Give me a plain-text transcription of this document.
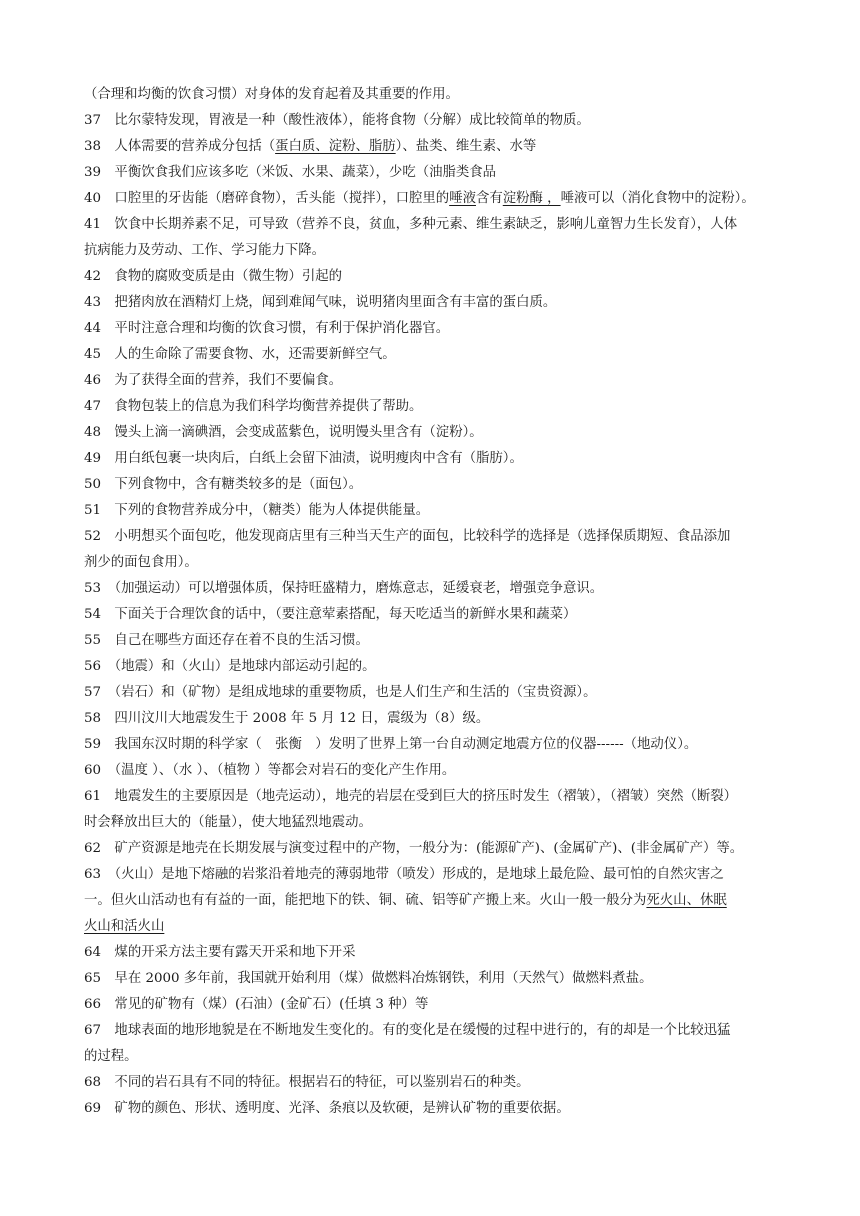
（合理和均衡的饮食习惯）对身体的发育起着及其重要的作用。
37　比尔蒙特发现，胃液是一种（酸性液体），能将食物（分解）成比较简单的物质。
38　人体需要的营养成分包括（蛋白质、淀粉、脂肪）、盐类、维生素、水等
39　平衡饮食我们应该多吃（米饭、水果、蔬菜），少吃（油脂类食品
40　口腔里的牙齿能（磨碎食物），舌头能（搅拌），口腔里的唾液含有淀粉酶 ，唾液可以（消化食物中的淀粉）。
41　饮食中长期养素不足，可导致（营养不良，贫血，多种元素、维生素缺乏，影响儿童智力生长发育），人体
抗病能力及劳动、工作、学习能力下降。
42　食物的腐败变质是由（微生物）引起的
43　把猪肉放在酒精灯上烧，闻到难闻气味，说明猪肉里面含有丰富的蛋白质。
44　平时注意合理和均衡的饮食习惯，有利于保护消化器官。
45　人的生命除了需要食物、水，还需要新鲜空气。
46　为了获得全面的营养，我们不要偏食。
47　食物包装上的信息为我们科学均衡营养提供了帮助。
48　馒头上滴一滴碘酒，会变成蓝紫色，说明馒头里含有（淀粉）。
49　用白纸包裹一块肉后，白纸上会留下油渍，说明瘦肉中含有（脂肪）。
50　下列食物中，含有糖类较多的是（面包）。
51　下列的食物营养成分中，（糖类）能为人体提供能量。
52　小明想买个面包吃，他发现商店里有三种当天生产的面包，比较科学的选择是（选择保质期短、食品添加
剂少的面包食用）。
53　（加强运动）可以增强体质，保持旺盛精力，磨炼意志，延缓衰老，增强竞争意识。
54　下面关于合理饮食的话中，（要注意荤素搭配，每天吃适当的新鲜水果和蔬菜）
55　自己在哪些方面还存在着不良的生活习惯。
56　（地震）和（火山）是地球内部运动引起的。
57　（岩石）和（矿物）是组成地球的重要物质，也是人们生产和生活的（宝贵资源）。
58　四川汶川大地震发生于 2008 年 5 月 12 日，震级为（8）级。
59　我国东汉时期的科学家（　张衡　）发明了世界上第一台自动测定地震方位的仪器------（地动仪）。
60　（温度 ）、（水 ）、（植物 ）等都会对岩石的变化产生作用。
61　地震发生的主要原因是（地壳运动），地壳的岩层在受到巨大的挤压时发生（褶皱），（褶皱）突然（断裂）
时会释放出巨大的（能量），使大地猛烈地震动。
62　矿产资源是地壳在长期发展与演变过程中的产物，一般分为：(能源矿产)、(金属矿产)、(非金属矿产）等。
63　（火山）是地下熔融的岩浆沿着地壳的薄弱地带（喷发）形成的，是地球上最危险、最可怕的自然灾害之
一。但火山活动也有有益的一面，能把地下的铁、铜、硫、铝等矿产搬上来。火山一般一般分为死火山、休眠
火山和活火山
64　煤的开采方法主要有露天开采和地下开采
65　早在 2000 多年前，我国就开始利用（煤）做燃料冶炼钢铁，利用（天然气）做燃料煮盐。
66　常见的矿物有（煤）(石油）(金矿石）(任填 3 种）等
67　地球表面的地形地貌是在不断地发生变化的。有的变化是在缓慢的过程中进行的，有的却是一个比较迅猛
的过程。
68　不同的岩石具有不同的特征。根据岩石的特征，可以鉴别岩石的种类。
69　矿物的颜色、形状、透明度、光泽、条痕以及软硬，是辨认矿物的重要依据。
